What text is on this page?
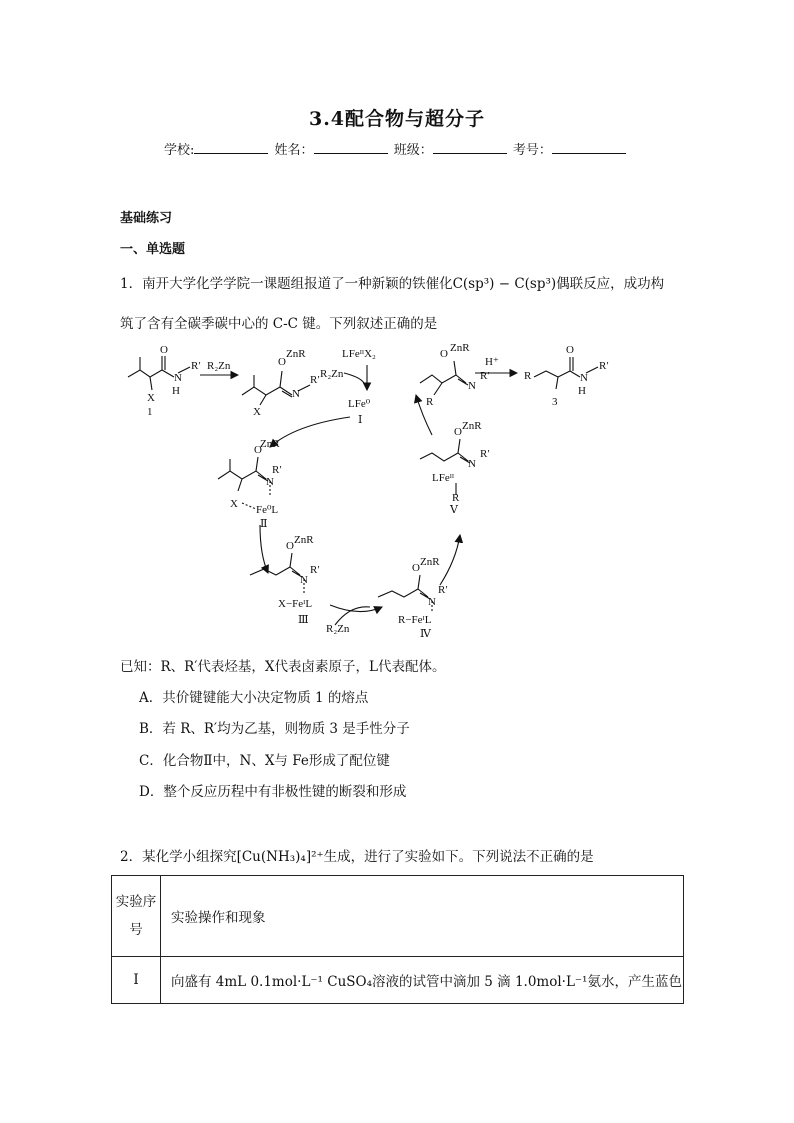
3.4配合物与超分子
学校:	姓名：	班级：	考号：
基础练习
一、单选题
1．南开大学化学学院一课题组报道了一种新颖的铁催化C(sp³) − C(sp³)偶联反应，成功构
筑了含有全碳季碳中心的 C-C 键。下列叙述正确的是
O
N
H
R′
X
1
R₂Zn	O
ZnR
N
R′
X
LFeᴵᴵX₂
R₂Zn
LFe⁰
Ⅰ
O ZnR
N
R′
R
H⁺
R
O
N
H
R′
3
O
ZnR
N
R′
X Fe⁰L
Ⅱ
O ZnR
N
R′
X−FeᴵL
Ⅲ
R₂Zn
O ZnR
N
R′
R−FeᴵL
Ⅳ
O ZnR
N
R′
LFeᴵᴵ
R
Ⅴ
已知：R、R′代表烃基，X代表卤素原子，L代表配体。
A．共价键键能大小决定物质 1 的熔点
B．若 R、R′均为乙基，则物质 3 是手性分子
C．化合物Ⅱ中，N、X与 Fe形成了配位键
D．整个反应历程中有非极性键的断裂和形成
2．某化学小组探究[Cu(NH₃)₄]²⁺生成，进行了实验如下。下列说法不正确的是
实验序号	实验操作和现象
I	向盛有 4mL 0.1mol·L⁻¹ CuSO₄溶液的试管中滴加 5 滴 1.0mol·L⁻¹氨水，产生蓝色
